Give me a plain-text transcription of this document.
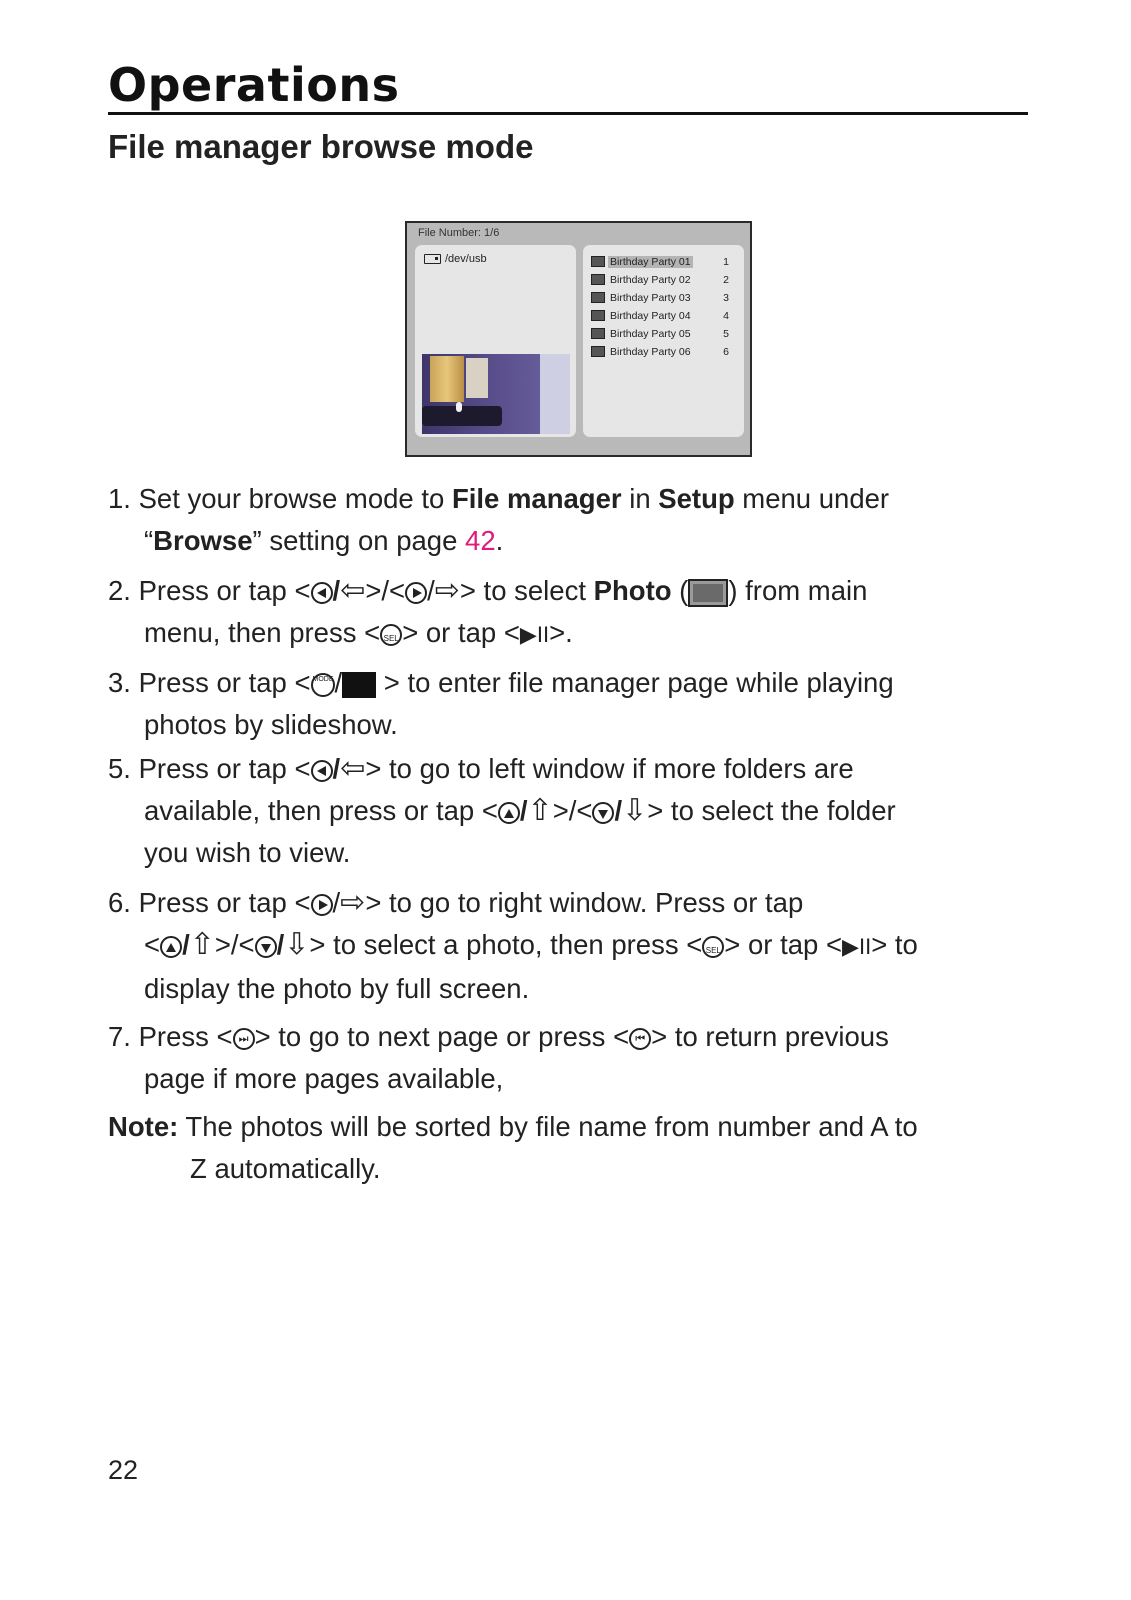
Operations
File manager browse mode
File Number: 1/6
/dev/usb	Birthday Party 01	1
Birthday Party 02	2
Birthday Party 03	3
Birthday Party 04	4
Birthday Party 05	5
Birthday Party 06	6

1. Set your browse mode to File manager in Setup menu under
“Browse” setting on page 42.

2. Press or tap < /⇦>/< /⇨> to select Photo ( ) from main
menu, then press < SEL > or tap <▶II>.

3. Press or tap < MODE/ > to enter file manager page while playing
photos by slideshow.

5. Press or tap < /⇦> to go to left window if more folders are
available, then press or tap < /⇧>/< /⇩> to select the folder
you wish to view.

6. Press or tap < /⇨> to go to right window. Press or tap
< /⇧>/< /⇩> to select a photo, then press < SEL > or tap <▶II> to
display the photo by full screen.

7. Press < ⏭ > to go to next page or press < ⏮ > to return previous
page if more pages available,

Note: The photos will be sorted by file name from number and A to
Z automatically.

22
